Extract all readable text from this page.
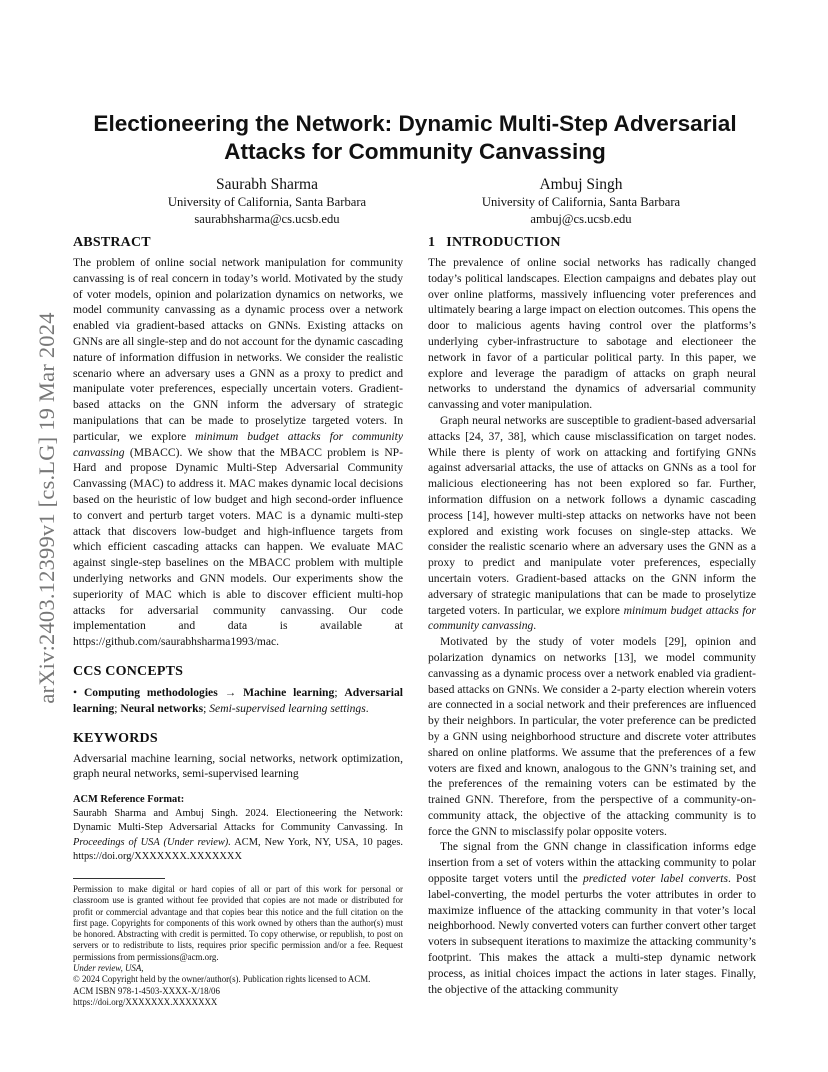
arXiv:2403.12399v1 [cs.LG] 19 Mar 2024
Electioneering the Network: Dynamic Multi-Step Adversarial
Attacks for Community Canvassing
Saurabh Sharma
University of California, Santa Barbara
saurabhsharma@cs.ucsb.edu
Ambuj Singh
University of California, Santa Barbara
ambuj@cs.ucsb.edu
ABSTRACT

The problem of online social network manipulation for community canvassing is of real concern in today’s world. Motivated by the study of voter models, opinion and polarization dynamics on networks, we model community canvassing as a dynamic process over a network enabled via gradient-based attacks on GNNs. Existing attacks on GNNs are all single-step and do not account for the dynamic cascading nature of information diffusion in networks. We consider the realistic scenario where an adversary uses a GNN as a proxy to predict and manipulate voter preferences, especially uncertain voters. Gradient-based attacks on the GNN inform the adversary of strategic manipulations that can be made to proselytize targeted voters. In particular, we explore minimum budget attacks for community canvassing (MBACC). We show that the MBACC problem is NP-Hard and propose Dynamic Multi-Step Adversarial Community Canvassing (MAC) to address it. MAC makes dynamic local decisions based on the heuristic of low budget and high second-order influence to convert and perturb target voters. MAC is a dynamic multi-step attack that discovers low-budget and high-influence targets from which efficient cascading attacks can happen. We evaluate MAC against single-step baselines on the MBACC problem with multiple underlying networks and GNN models. Our experiments show the superiority of MAC which is able to discover efficient multi-hop attacks for adversarial community canvassing. Our code implementation and data is available at https://github.com/saurabhsharma1993/mac.

CCS CONCEPTS

• Computing methodologies → Machine learning; Adversarial learning; Neural networks; Semi-supervised learning settings.

KEYWORDS

Adversarial machine learning, social networks, network optimization, graph neural networks, semi-supervised learning

ACM Reference Format:

Saurabh Sharma and Ambuj Singh. 2024. Electioneering the Network: Dynamic Multi-Step Adversarial Attacks for Community Canvassing. In Proceedings of USA (Under review). ACM, New York, NY, USA, 10 pages. https://doi.org/XXXXXXX.XXXXXXX

Permission to make digital or hard copies of all or part of this work for personal or classroom use is granted without fee provided that copies are not made or distributed for profit or commercial advantage and that copies bear this notice and the full citation on the first page. Copyrights for components of this work owned by others than the author(s) must be honored. Abstracting with credit is permitted. To copy otherwise, or republish, to post on servers or to redistribute to lists, requires prior specific permission and/or a fee. Request permissions from permissions@acm.org.
Under review, USA,
© 2024 Copyright held by the owner/author(s). Publication rights licensed to ACM.
ACM ISBN 978-1-4503-XXXX-X/18/06
https://doi.org/XXXXXXX.XXXXXXX
1   INTRODUCTION

The prevalence of online social networks has radically changed today’s political landscapes. Election campaigns and debates play out over online platforms, massively influencing voter preferences and ultimately bearing a large impact on election outcomes. This opens the door to malicious agents having control over the platforms’s underlying cyber-infrastructure to sabotage and electioneer the network in favor of a particular political party. In this paper, we explore and leverage the paradigm of attacks on graph neural networks to understand the dynamics of adversarial community canvassing and voter manipulation.

Graph neural networks are susceptible to gradient-based adversarial attacks [24, 37, 38], which cause misclassification on target nodes. While there is plenty of work on attacking and fortifying GNNs against adversarial attacks, the use of attacks on GNNs as a tool for malicious electioneering has not been explored so far. Further, information diffusion on a network follows a dynamic cascading process [14], however multi-step attacks on networks have not been explored and existing work focuses on single-step attacks. We consider the realistic scenario where an adversary uses the GNN as a proxy to predict and manipulate voter preferences, especially uncertain voters. Gradient-based attacks on the GNN inform the adversary of strategic manipulations that can be made to proselytize targeted voters. In particular, we explore minimum budget attacks for community canvassing.

Motivated by the study of voter models [29], opinion and polarization dynamics on networks [13], we model community canvassing as a dynamic process over a network enabled via gradient-based attacks on GNNs. We consider a 2-party election wherein voters are connected in a social network and their preferences are influenced by their neighbors. In particular, the voter preference can be predicted by a GNN using neighborhood structure and discrete voter attributes shared on online platforms. We assume that the preferences of a few voters are fixed and known, analogous to the GNN’s training set, and the preferences of the remaining voters can be estimated by the trained GNN. Therefore, from the perspective of a community-on-community attack, the objective of the attacking community is to force the GNN to misclassify polar opposite voters.

The signal from the GNN change in classification informs edge insertion from a set of voters within the attacking community to polar opposite target voters until the predicted voter label converts. Post label-converting, the model perturbs the voter attributes in order to maximize influence of the attacking community in that voter’s local neighborhood. Newly converted voters can further convert other target voters in subsequent iterations to maximize the attacking community’s footprint. This makes the attack a multi-step dynamic network process, as initial choices impact the actions in later stages. Finally, the objective of the attacking community
